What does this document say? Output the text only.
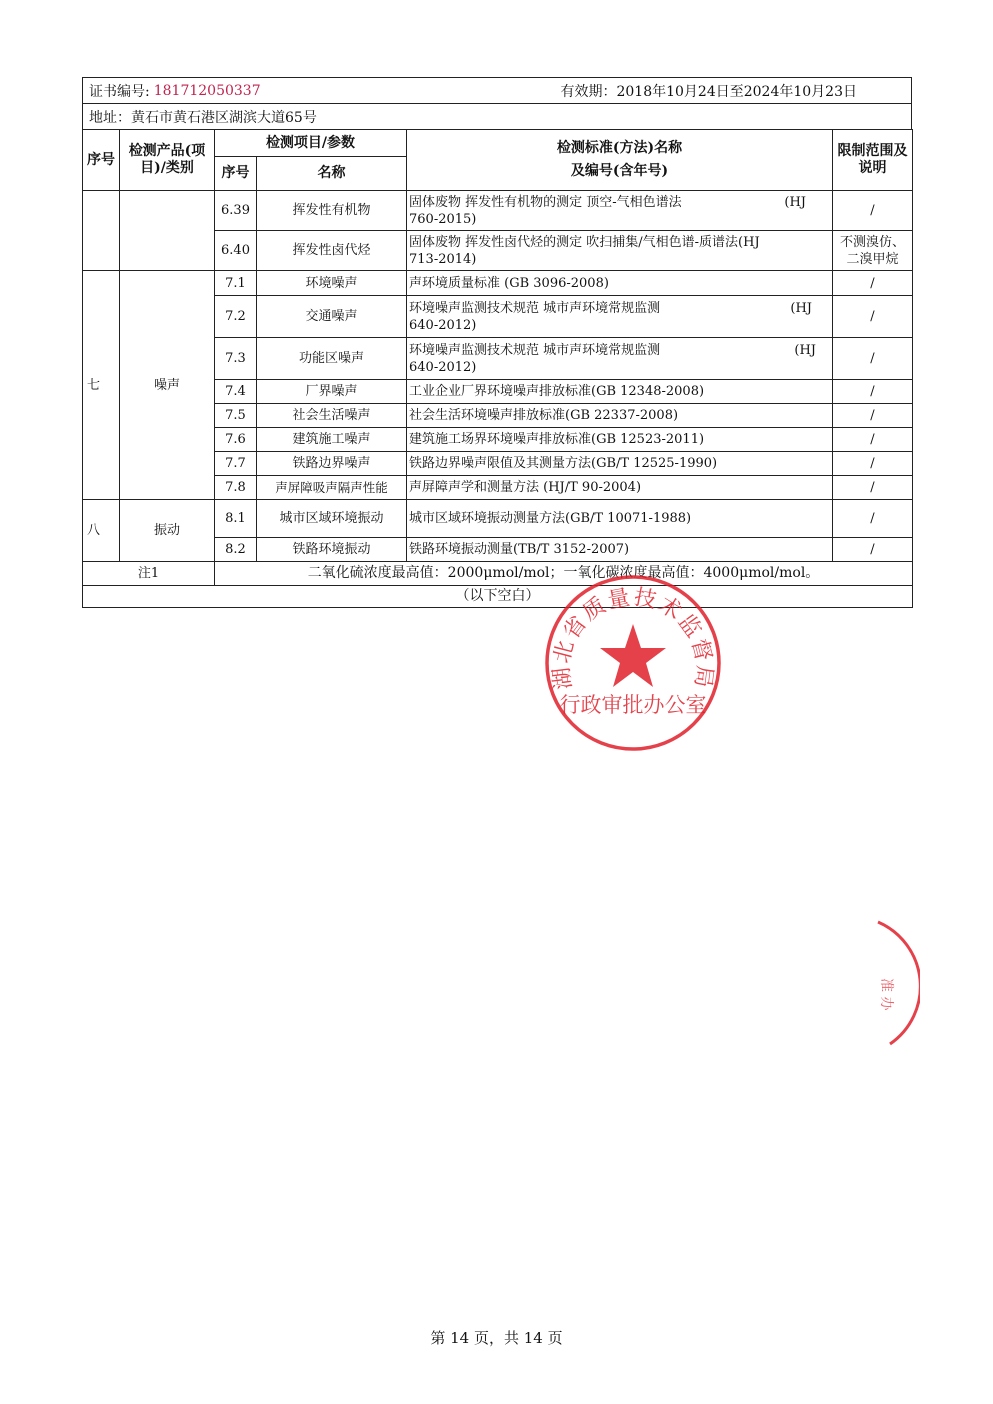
证书编号: 181712050337	有效期：2018年10月24日至2024年10月23日
地址：黄石市黄石港区湖滨大道65号
序号	检测产品(项目)/类别	检测项目/参数		检测标准(方法)名称
及编号(含年号)	限制范围及说明
		序号	名称		
		6.39	挥发性有机物	固体废物 挥发性有机物的测定 顶空-气相色谱法 (HJ
760-2015)	/
		6.40	挥发性卤代烃	固体废物 挥发性卤代烃的测定 吹扫捕集/气相色谱-质谱法(HJ
713-2014)	不测溴仿、二溴甲烷
七	噪声	7.1	环境噪声	声环境质量标准 (GB 3096-2008)	/
		7.2	交通噪声	环境噪声监测技术规范 城市声环境常规监测 (HJ
640-2012)	/
		7.3	功能区噪声	环境噪声监测技术规范 城市声环境常规监测 (HJ
640-2012)	/
		7.4	厂界噪声	工业企业厂界环境噪声排放标准(GB 12348-2008)	/
		7.5	社会生活噪声	社会生活环境噪声排放标准(GB 22337-2008)	/
		7.6	建筑施工噪声	建筑施工场界环境噪声排放标准(GB 12523-2011)	/
		7.7	铁路边界噪声	铁路边界噪声限值及其测量方法(GB/T 12525-1990)	/
		7.8	声屏障吸声隔声性能	声屏障声学和测量方法 (HJ/T 90-2004)	/
八	振动	8.1	城市区域环境振动	城市区域环境振动测量方法(GB/T 10071-1988)	/
		8.2	铁路环境振动	铁路环境振动测量(TB/T 3152-2007)	/
注1		二氧化硫浓度最高值：2000μmol/mol；一氧化碳浓度最高值：4000μmol/mol。			
（以下空白）					
湖北省质量技术监督局
行政审批办公室
准 办
第 14 页，共 14 页
